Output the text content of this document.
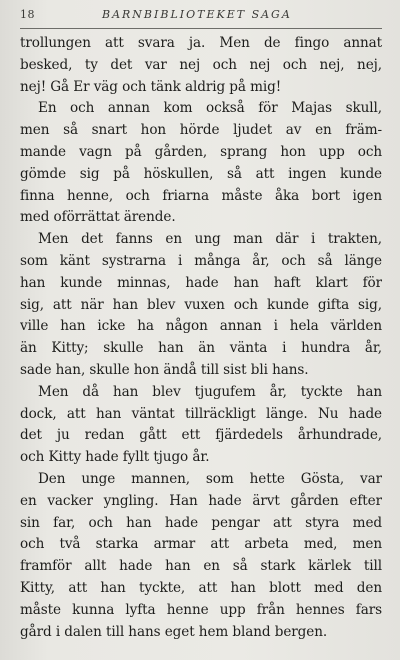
18	BARNBIBLIOTEKET SAGA
trollungen att svara ja. Men de fingo annat
besked, ty det var nej och nej och nej, nej,
nej! Gå Er väg och tänk aldrig på mig!
En och annan kom också för Majas skull,
men så snart hon hörde ljudet av en främ-
mande vagn på gården, sprang hon upp och
gömde sig på höskullen, så att ingen kunde
finna henne, och friarna måste åka bort igen
med oförrättat ärende.
Men det fanns en ung man där i trakten,
som känt systrarna i många år, och så länge
han kunde minnas, hade han haft klart för
sig, att när han blev vuxen och kunde gifta sig,
ville han icke ha någon annan i hela världen
än Kitty; skulle han än vänta i hundra år,
sade han, skulle hon ändå till sist bli hans.
Men då han blev tjugufem år, tyckte han
dock, att han väntat tillräckligt länge. Nu hade
det ju redan gått ett fjärdedels århundrade,
och Kitty hade fyllt tjugo år.
Den unge mannen, som hette Gösta, var
en vacker yngling. Han hade ärvt gården efter
sin far, och han hade pengar att styra med
och två starka armar att arbeta med, men
framför allt hade han en så stark kärlek till
Kitty, att han tyckte, att han blott med den
måste kunna lyfta henne upp från hennes fars
gård i dalen till hans eget hem bland bergen.
